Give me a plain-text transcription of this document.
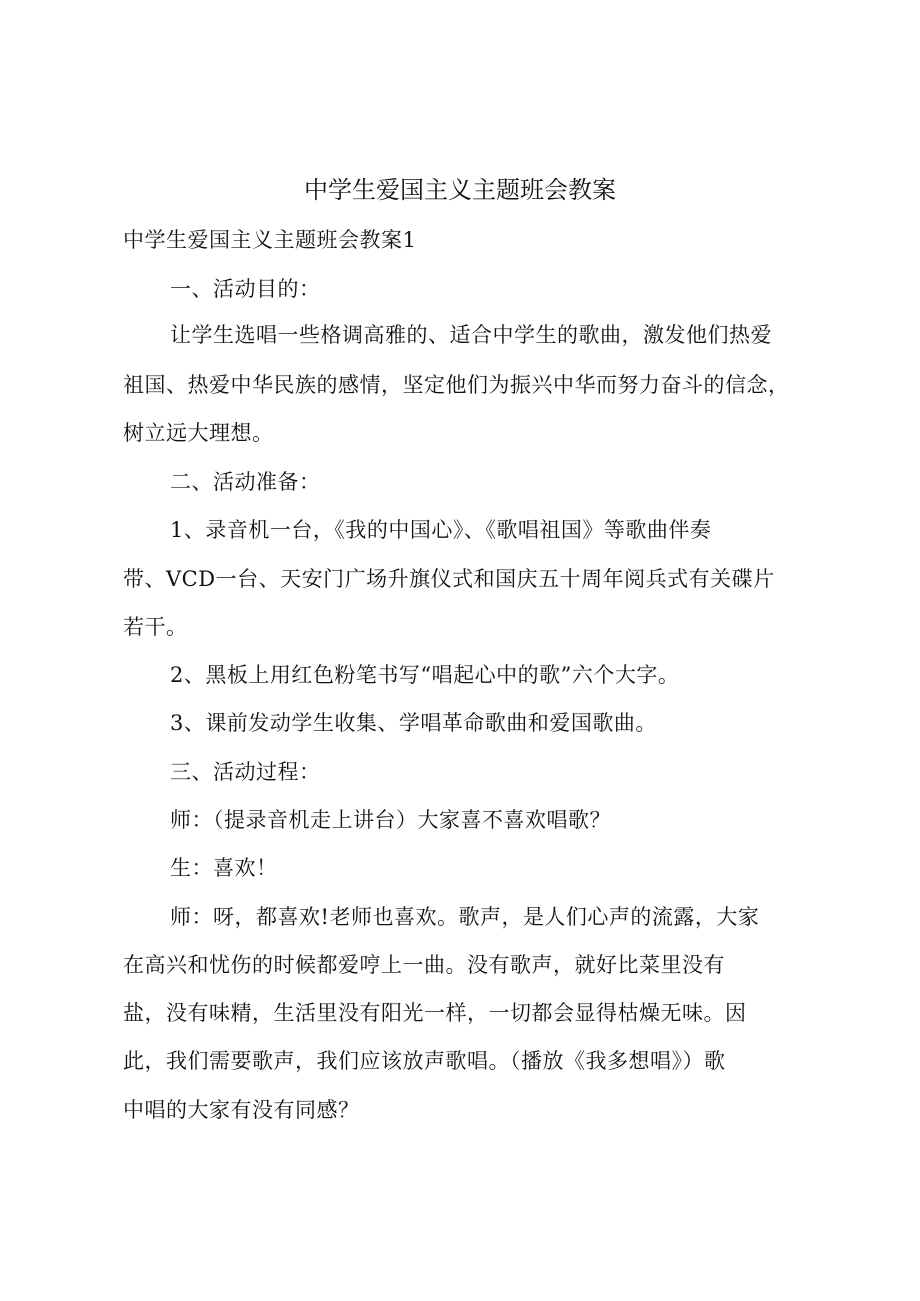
中学生爱国主义主题班会教案
中学生爱国主义主题班会教案1
一、活动目的：
让学生选唱一些格调高雅的、适合中学生的歌曲，激发他们热爱
祖国、热爱中华民族的感情，坚定他们为振兴中华而努力奋斗的信念，
树立远大理想。
二、活动准备：
1、录音机一台，《我的中国心》、《歌唱祖国》等歌曲伴奏
带、VCD一台、天安门广场升旗仪式和国庆五十周年阅兵式有关碟片
若干。
2、黑板上用红色粉笔书写“唱起心中的歌”六个大字。
3、课前发动学生收集、学唱革命歌曲和爱国歌曲。
三、活动过程：
师：（提录音机走上讲台）大家喜不喜欢唱歌？
生：喜欢！
师：呀，都喜欢!老师也喜欢。歌声，是人们心声的流露，大家
在高兴和忧伤的时候都爱哼上一曲。没有歌声，就好比菜里没有
盐，没有味精，生活里没有阳光一样，一切都会显得枯燥无味。因
此，我们需要歌声，我们应该放声歌唱。（播放《我多想唱》）歌
中唱的大家有没有同感？
